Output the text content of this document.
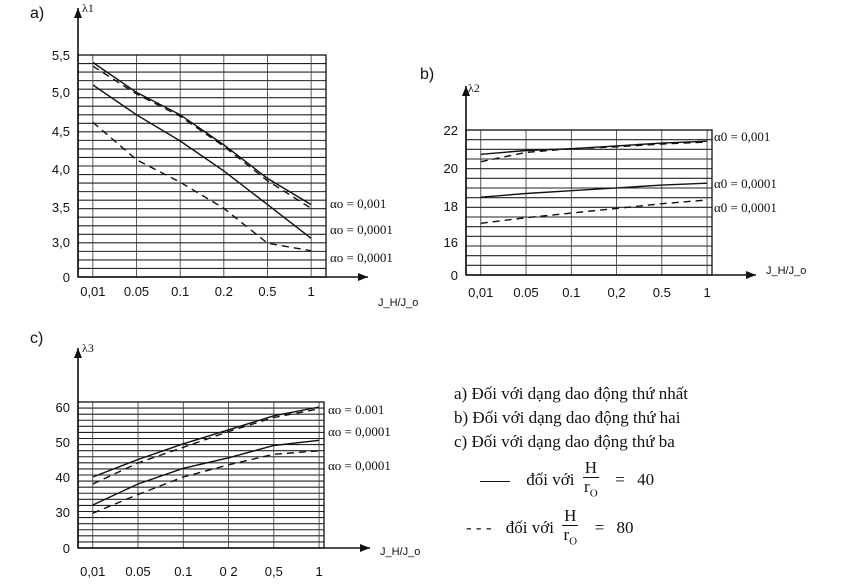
a)	λ1
J_H/J_o
0,01 0.05 0.1 0.2 0.5 1
0
3,0
3,5
4,0
4,5
5,0
5,5
αo = 0,001
αo = 0,0001
αo = 0,0001
b)
λ2
J_H/J_o
0,01 0.05 0.1 0,2 0.5	1
0
16
18
20
22	α0 = 0,001
α0 = 0,0001
α0 = 0,0001
c)
λ3
J_H/J_o
0,01 0.05 0.1 0 2 0,5	1
0
30
40
50
60	αo = 0.001
αo = 0,0001
αo = 0,0001
a) Đối với dạng dao động thứ nhất
b) Đối với dạng dao động thứ hai
c) Đối với dạng dao động thứ ba
đối với $\frac{H}{r_O} = 40$
- - - đối với $\frac{H}{r_O} = 80$
